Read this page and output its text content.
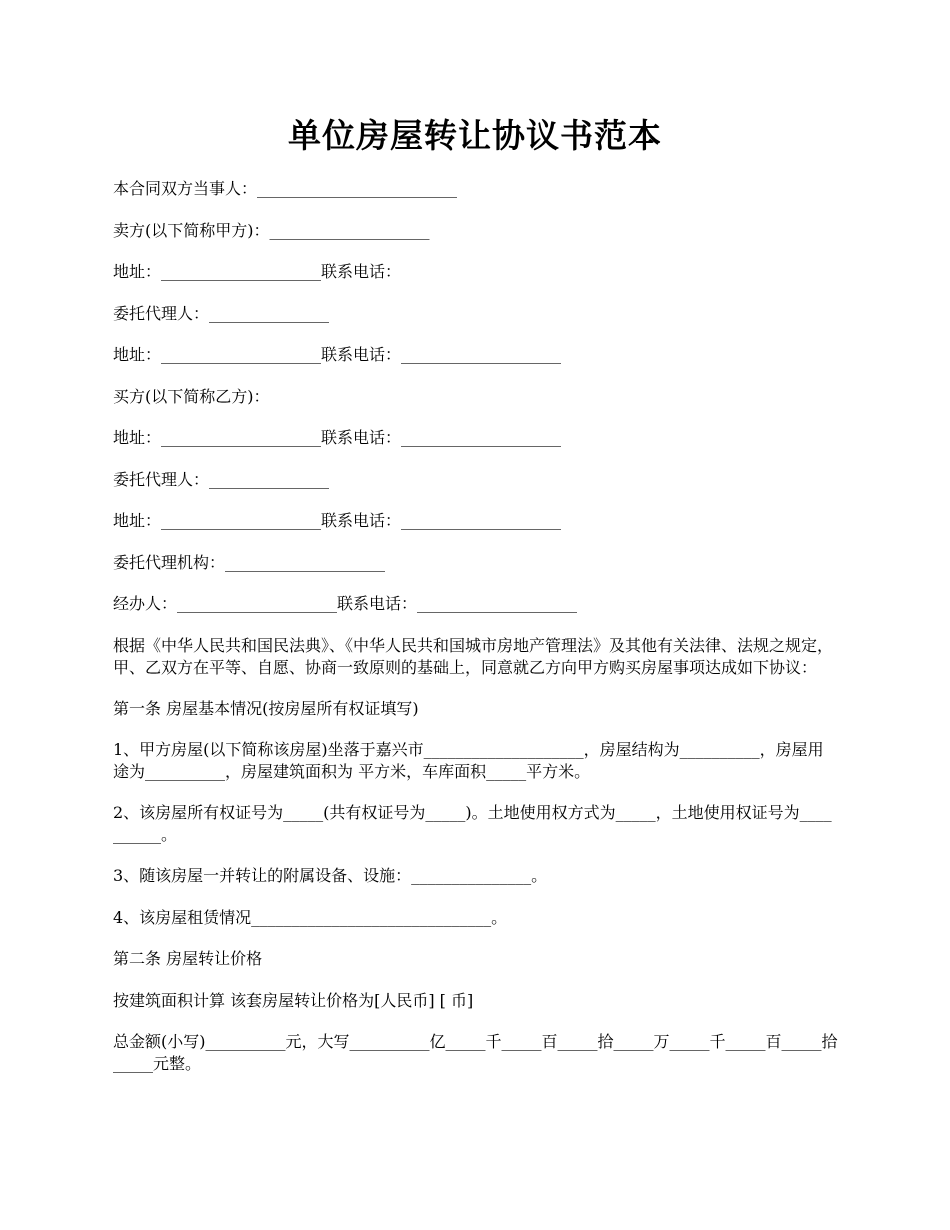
单位房屋转让协议书范本
本合同双方当事人：_________________________
卖方(以下简称甲方)：____________________
地址：____________________联系电话：
委托代理人：_______________
地址：____________________联系电话：____________________
买方(以下简称乙方)：
地址：____________________联系电话：____________________
委托代理人：_______________
地址：____________________联系电话：____________________
委托代理机构：____________________
经办人：____________________联系电话：____________________
根据《中华人民共和国民法典》、《中华人民共和国城市房地产管理法》及其他有关法律、法规之规定，甲、乙双方在平等、自愿、协商一致原则的基础上，同意就乙方向甲方购买房屋事项达成如下协议：
第一条 房屋基本情况(按房屋所有权证填写)
1、甲方房屋(以下简称该房屋)坐落于嘉兴市____________________，房屋结构为__________，房屋用途为__________，房屋建筑面积为 平方米，车库面积_____平方米。
2、该房屋所有权证号为_____(共有权证号为_____)。土地使用权方式为_____，土地使用权证号为__________。
3、随该房屋一并转让的附属设备、设施：_______________。
4、该房屋租赁情况______________________________。
第二条 房屋转让价格
按建筑面积计算 该套房屋转让价格为[人民币] [ 币]
总金额(小写)__________元，大写__________亿_____千_____百_____拾_____万_____千_____百_____拾_____元整。
